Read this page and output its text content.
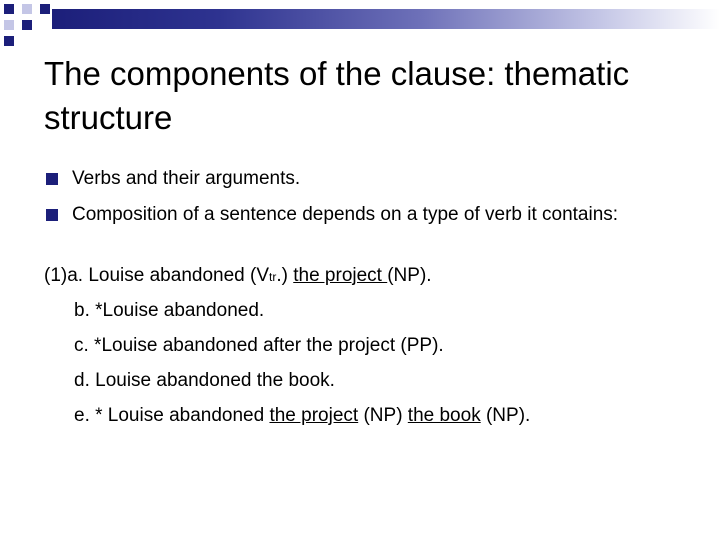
The components of the clause: thematic structure
Verbs and their arguments.
Composition of a sentence depends on a type of verb it contains:
(1)a. Louise abandoned (Vtr.) the project (NP).
b. *Louise abandoned.
c. *Louise abandoned after the project (PP).
d. Louise abandoned the book.
e. * Louise abandoned the project (NP) the book (NP).
